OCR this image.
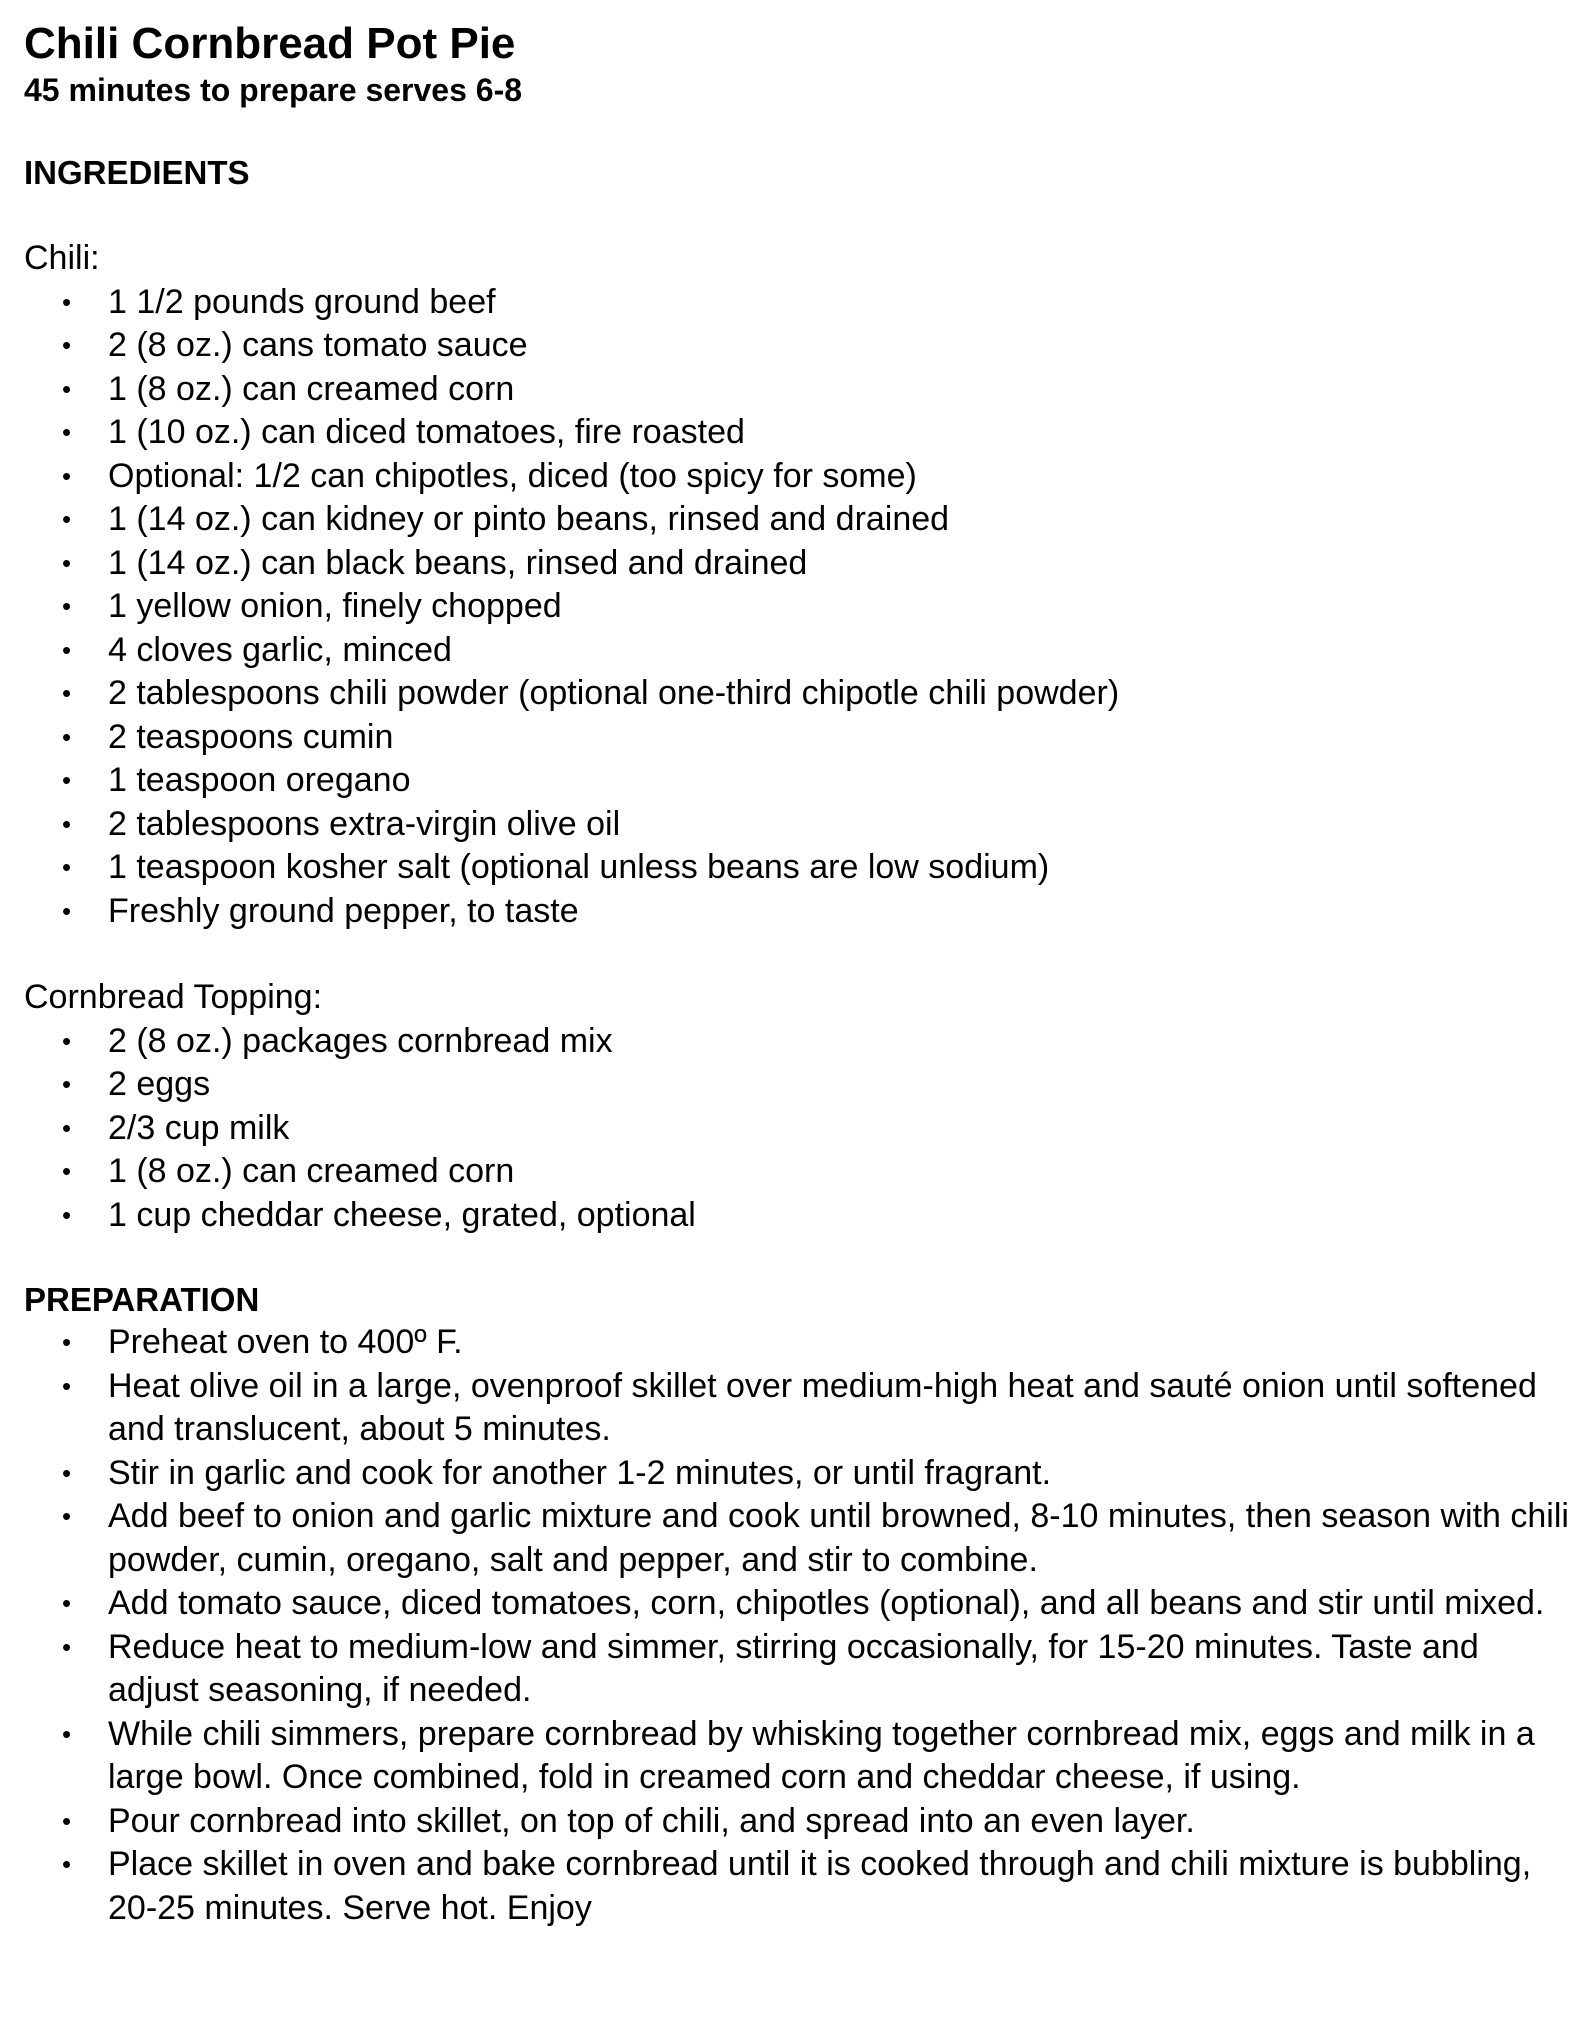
Chili Cornbread Pot Pie

45 minutes to prepare serves 6-8

INGREDIENTS

Chili:

• 1 1/2 pounds ground beef
• 2 (8 oz.) cans tomato sauce
• 1 (8 oz.) can creamed corn
• 1 (10 oz.) can diced tomatoes, fire roasted
• Optional: 1/2 can chipotles, diced (too spicy for some)
• 1 (14 oz.) can kidney or pinto beans, rinsed and drained
• 1 (14 oz.) can black beans, rinsed and drained
• 1 yellow onion, finely chopped
• 4 cloves garlic, minced
• 2 tablespoons chili powder (optional one-third chipotle chili powder)
• 2 teaspoons cumin
• 1 teaspoon oregano
• 2 tablespoons extra-virgin olive oil
• 1 teaspoon kosher salt (optional unless beans are low sodium)
• Freshly ground pepper, to taste

Cornbread Topping:

• 2 (8 oz.) packages cornbread mix
• 2 eggs
• 2/3 cup milk
• 1 (8 oz.) can creamed corn
• 1 cup cheddar cheese, grated, optional
PREPARATION
• Preheat oven to 400º F.
• Heat olive oil in a large, ovenproof skillet over medium-high heat and sauté onion until softened and translucent, about 5 minutes.
• Stir in garlic and cook for another 1-2 minutes, or until fragrant.
• Add beef to onion and garlic mixture and cook until browned, 8-10 minutes, then season with chili powder, cumin, oregano, salt and pepper, and stir to combine.
• Add tomato sauce, diced tomatoes, corn, chipotles (optional), and all beans and stir until mixed.
• Reduce heat to medium-low and simmer, stirring occasionally, for 15-20 minutes. Taste and adjust seasoning, if needed.
• While chili simmers, prepare cornbread by whisking together cornbread mix, eggs and milk in a large bowl. Once combined, fold in creamed corn and cheddar cheese, if using.
• Pour cornbread into skillet, on top of chili, and spread into an even layer.
• Place skillet in oven and bake cornbread until it is cooked through and chili mixture is bubbling, 20-25 minutes. Serve hot. Enjoy
